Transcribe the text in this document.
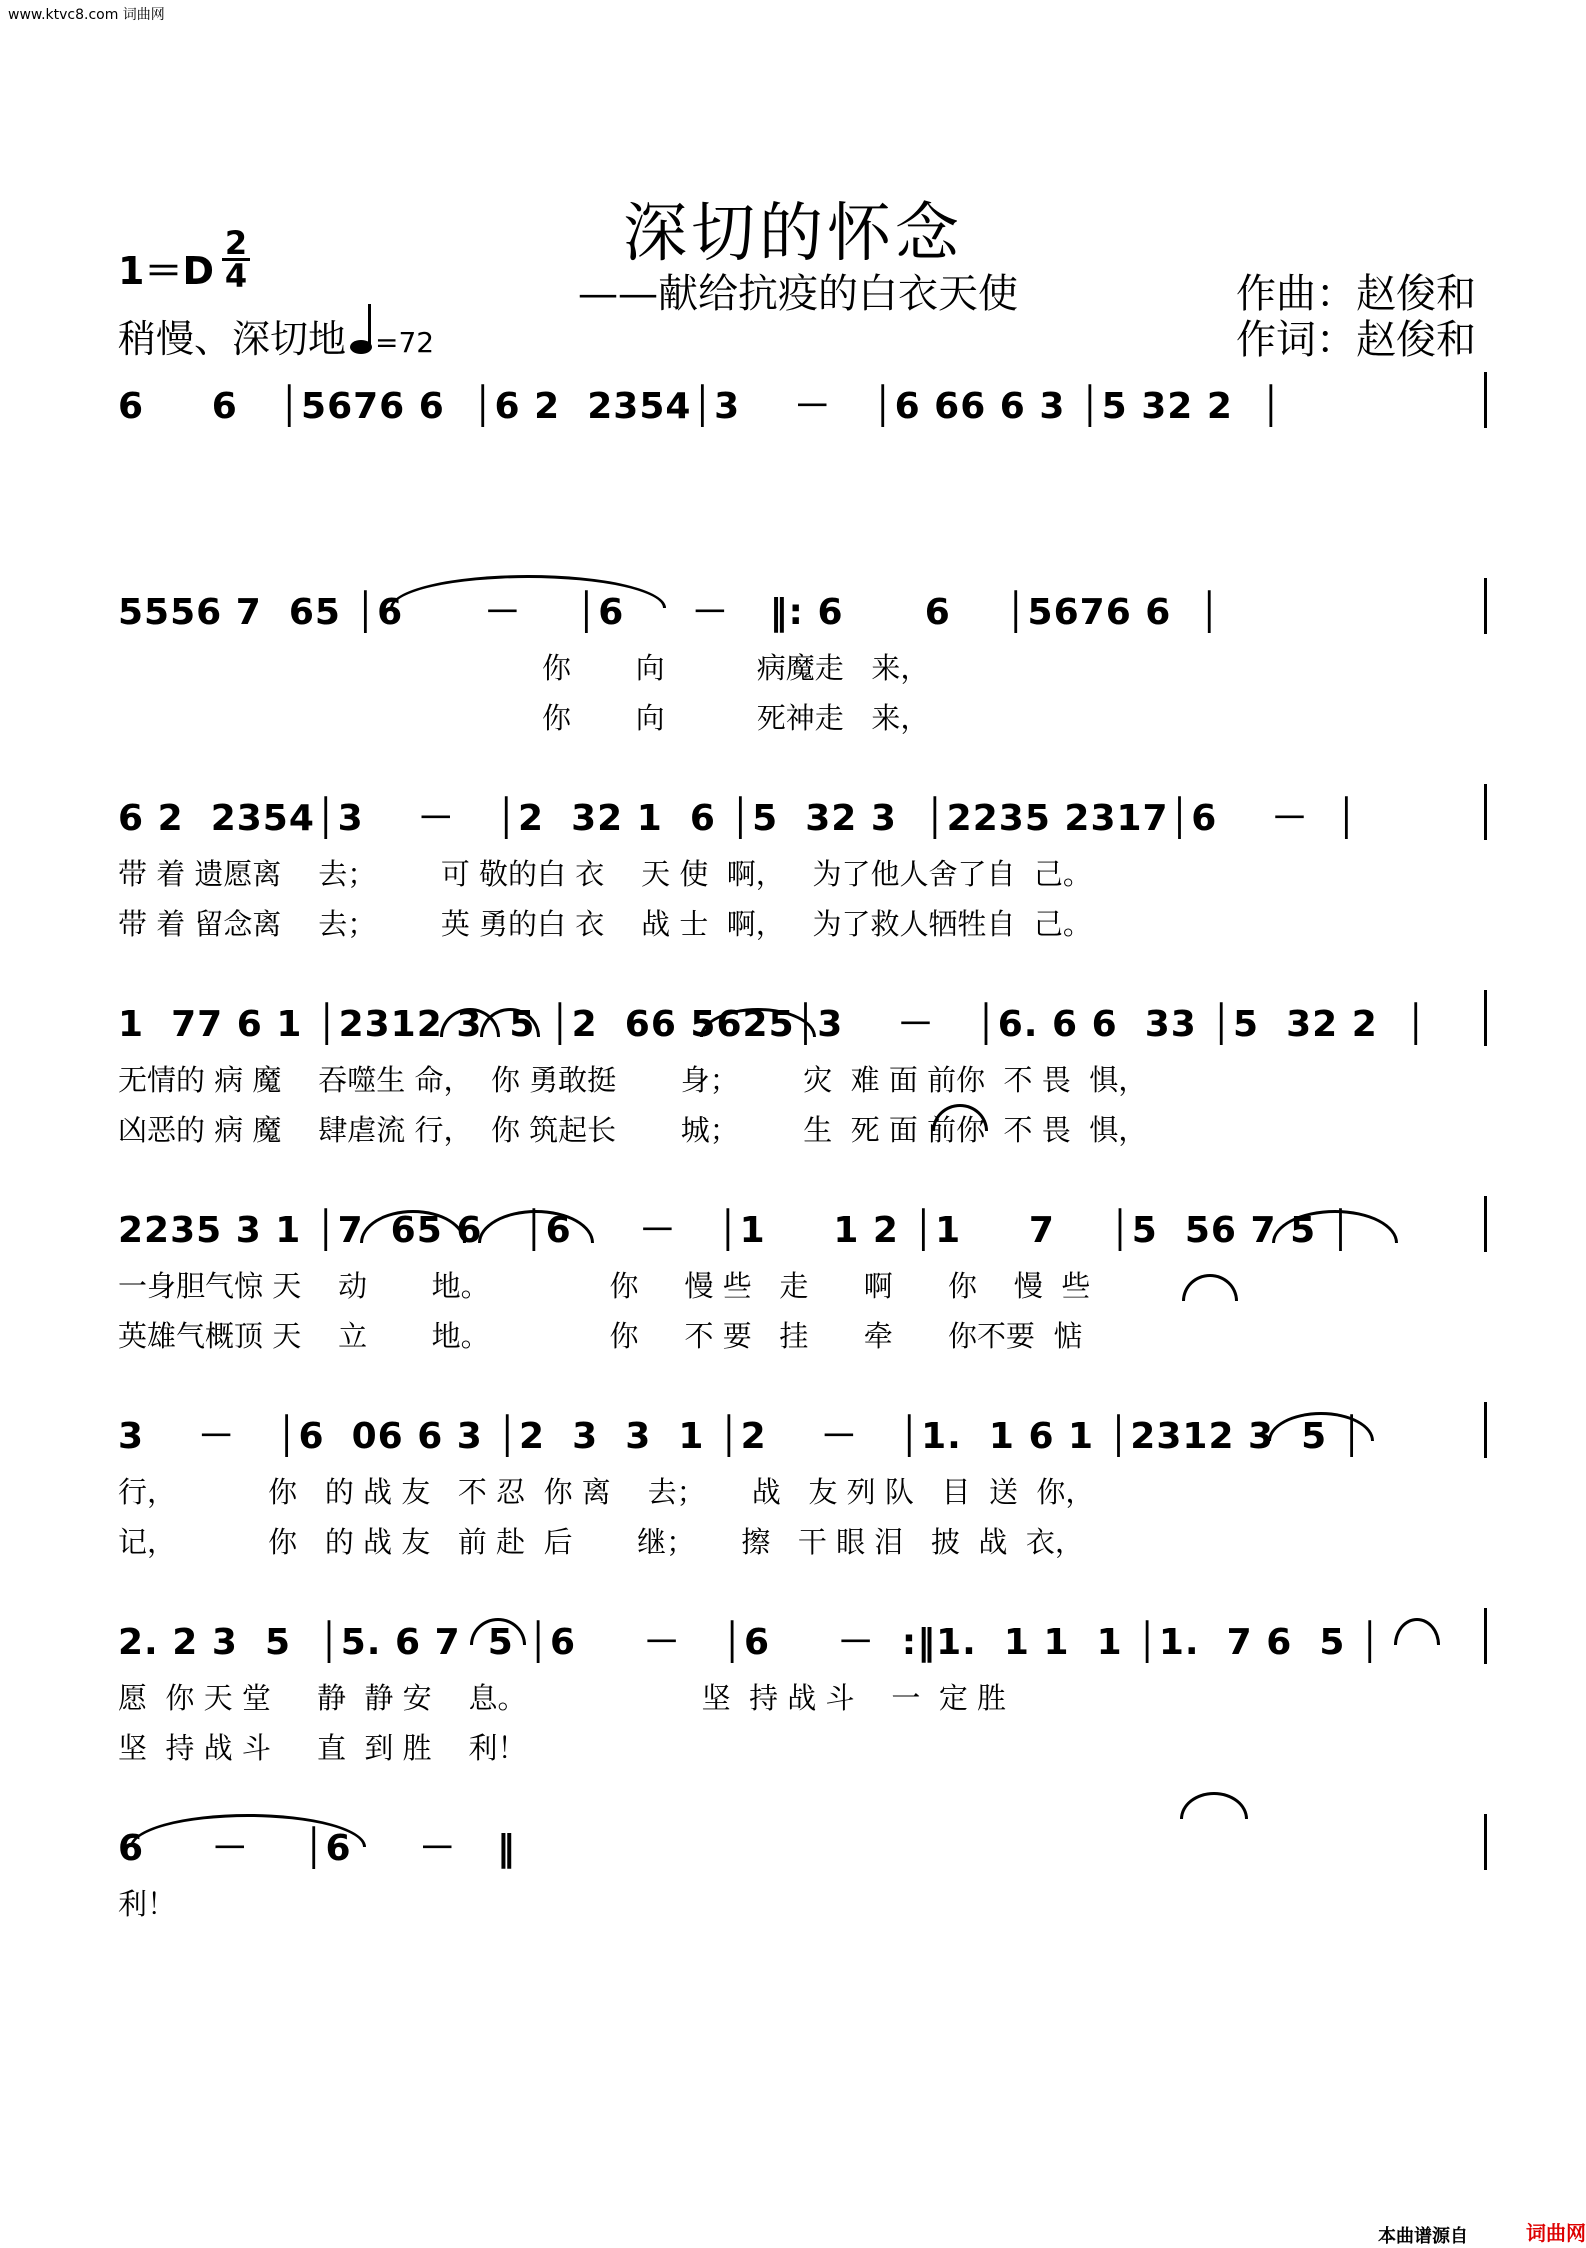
www.ktvc8.com 词曲网
深切的怀念
——献给抗疫的白衣天使
1＝D
2
4
稍慢、深切地 =72
作曲：赵俊和
作词：赵俊和
6     6   │5676 6  │6 2  2354│3    －   │6 66 6 3 │5 32 2  │
5556 7  65 │6      －    │6     －   ‖: 6      6    │5676 6  │
你       向          病魔走   来，
你       向          死神走   来，
6 2  2354│3    －   │2  32 1  6 │5  32 3  │2235 2317│6    －  │
带 着 遗愿离    去；       可 敬的白 衣    天 使  啊，   为了他人舍了自  己。
带 着 留念离    去；       英 勇的白 衣    战 士  啊，   为了救人牺牲自  己。
1  77 6 1 │2312 3  5 │2  66 5625│3    －   │6. 6 6  33 │5  32 2  │
无情的 病 魔    吞噬生 命，  你 勇敢挺       身；       灾  难 面 前你  不 畏  惧，
凶恶的 病 魔    肆虐流 行，  你 筑起长       城；       生  死 面 前你  不 畏  惧，
2235 3 1 │7  65 6   │6     －   │1     1 2 │1     7    │5  56 7 5 │
一身胆气惊 天    动       地。             你     慢 些   走      啊      你    慢  些
英雄气概顶 天    立       地。             你     不 要   挂      牵      你不要  惦
3    －   │6  06 6 3 │2  3  3  1 │2    －   │1.  1 6 1 │2312 3  5 │
行，          你   的 战 友   不 忍  你 离    去；     战   友 列 队   目  送  你，
记，          你   的 战 友   前 赴  后       继；     擦   干 眼 泪   披  战  衣，
2. 2 3  5  │5. 6 7  5 │6     －   │6     －  :‖1.  1 1  1 │1.  7 6  5 │
愿  你 天 堂     静  静 安    息。                   坚  持 战 斗    一  定 胜
坚  持 战 斗     直  到 胜    利！
6     －    │6     －   ‖
利！
本曲谱源自	词曲网
